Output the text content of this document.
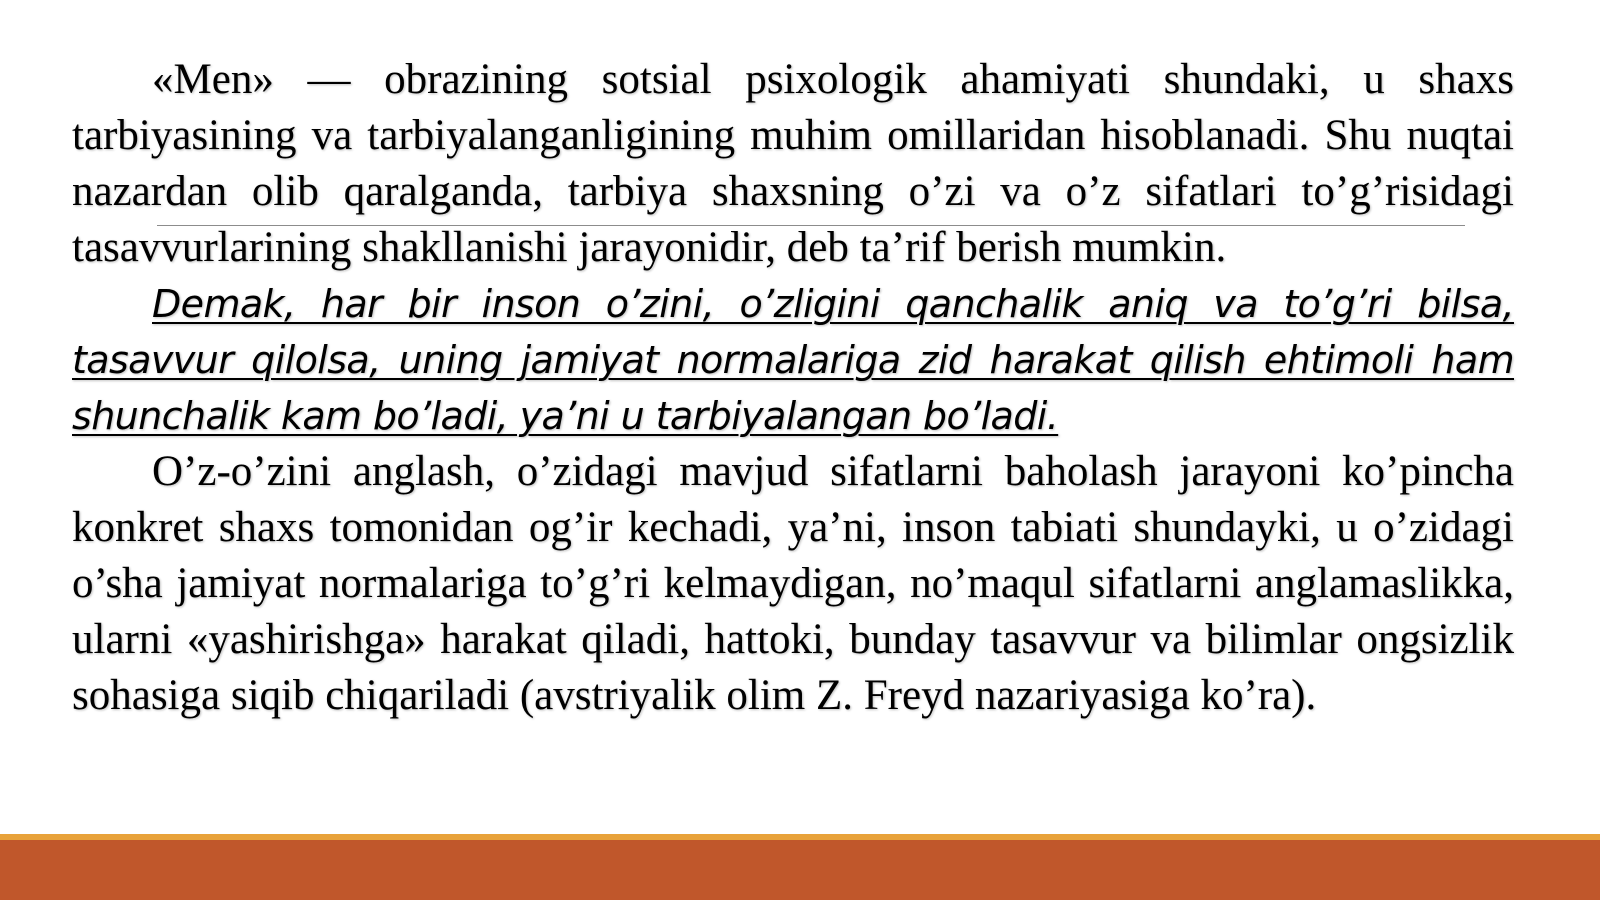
«Men» — obrazining sotsial psixologik ahamiyati shundaki, u shaxs tarbiyasining va tarbiyalanganligining muhim omillaridan hisoblanadi. Shu nuqtai nazardan olib qaralganda, tarbiya shaxsning o’zi va o’z sifatlari to’g’risidagi tasavvurlarining shakllanishi jarayonidir, deb ta’rif berish mumkin.

Demak, har bir inson o’zini, o’zligini qanchalik aniq va to’g’ri bilsa, tasavvur qilolsa, uning jamiyat normalariga zid harakat qilish ehtimoli ham shunchalik kam bo’ladi, ya’ni u tarbiyalangan bo’ladi.

O’z-o’zini anglash, o’zidagi mavjud sifatlarni baholash jarayoni ko’pincha konkret shaxs tomonidan og’ir kechadi, ya’ni, inson tabiati shundayki, u o’zidagi o’sha jamiyat normalariga to’g’ri kelmaydigan, no’maqul sifatlarni anglamaslikka, ularni «yashirishga» harakat qiladi, hattoki, bunday tasavvur va bilimlar ongsizlik sohasiga siqib chiqariladi (avstriyalik olim Z. Freyd nazariyasiga ko’ra).
